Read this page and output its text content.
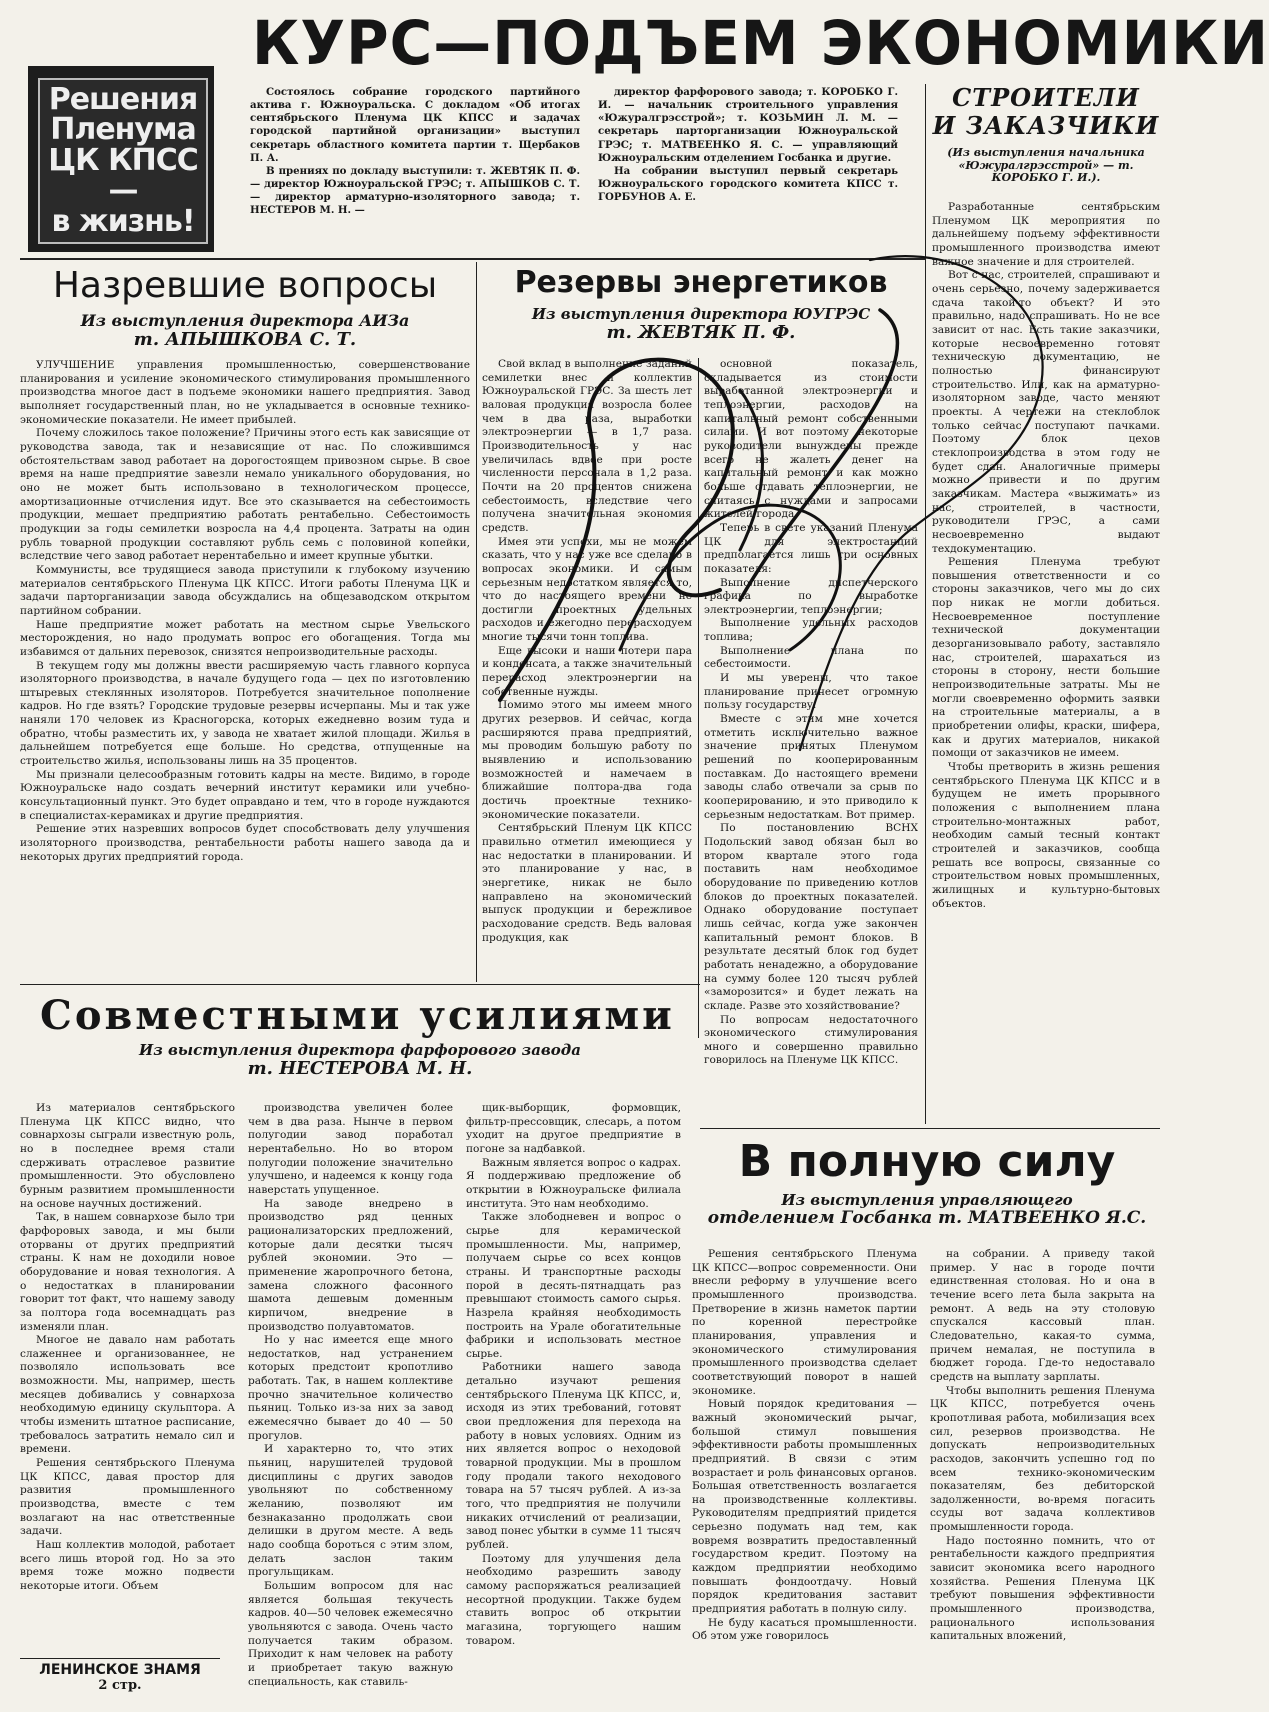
Решения
Пленума
ЦК КПСС—
в жизнь!
КУРС—ПОДЪЕМ ЭКОНОМИКИ

Состоялось собрание городского партийного актива г. Южноуральска. С докладом «Об итогах сентябрьского Пленума ЦК КПСС и задачах городской партийной организации» выступил секретарь областного комитета партии т. Щербаков П. А.

В прениях по докладу выступили: т. ЖЕВТЯК П. Ф. — директор Южноуральской ГРЭС; т. АПЫШКОВ С. Т. — директор арматурно-изоляторного завода; т. НЕСТЕРОВ М. Н. —

директор фарфорового завода; т. КОРОБКО Г. И. — начальник строительного управления «Южуралгрэсстрой»; т. КОЗЬМИН Л. М. — секретарь парторганизации Южноуральской ГРЭС; т. МАТВЕЕНКО Я. С. — управляющий Южноуральским отделением Госбанка и другие.

На собрании выступил первый секретарь Южноуральского городского комитета КПСС т. ГОРБУНОВ А. Е.

СТРОИТЕЛИ
И ЗАКАЗЧИКИ
(Из выступления начальника «Южуралгрэсстрой» — т. КОРОБКО Г. И.).

Разработанные сентябрьским Пленумом ЦК мероприятия по дальнейшему подъему эффективности промышленного производства имеют важное значение и для строителей.

Вот с нас, строителей, спрашивают и очень серьезно, почему задерживается сдача такой-то объект? И это правильно, надо спрашивать. Но не все зависит от нас. Есть такие заказчики, которые несвоевременно готовят техническую документацию, не полностью финансируют строительство. Или, как на арматурно-изоляторном заводе, часто меняют проекты. А чертежи на стеклоблок только сейчас поступают пачками. Поэтому блок цехов стеклопроизводства в этом году не будет сдан. Аналогичные примеры можно привести и по другим заказчикам. Мастера «выжимать» из нас, строителей, в частности, руководители ГРЭС, а сами несвоевременно выдают техдокументацию.

Решения Пленума требуют повышения ответственности и со стороны заказчиков, чего мы до сих пор никак не могли добиться. Несвоевременное поступление технической документации дезорганизовывало работу, заставляло нас, строителей, шарахаться из стороны в сторону, нести большие непроизводительные затраты. Мы не могли своевременно оформить заявки на строительные материалы, а в приобретении олифы, краски, шифера, как и других материалов, никакой помощи от заказчиков не имеем.

Чтобы претворить в жизнь решения сентябрьского Пленума ЦК КПСС и в будущем не иметь прорывного положения с выполнением плана строительно-монтажных работ, необходим самый тесный контакт строителей и заказчиков, сообща решать все вопросы, связанные со строительством новых промышленных, жилищных и культурно-бытовых объектов.

Назревшие вопросы
Из выступления директора АИЗа
т. АПЫШКОВА С. Т.

УЛУЧШЕНИЕ управления промышленностью, совершенствование планирования и усиление экономического стимулирования промышленного производства многое даст в подъеме экономики нашего предприятия. Завод выполняет государственный план, но не укладывается в основные технико-экономические показатели. Не имеет прибылей.

Почему сложилось такое положение? Причины этого есть как зависящие от руководства завода, так и независящие от нас. По сложившимся обстоятельствам завод работает на дорогостоящем привозном сырье. В свое время на наше предприятие завезли немало уникального оборудования, но оно не может быть использовано в технологическом процессе, амортизационные отчисления идут. Все это сказывается на себестоимость продукции, мешает предприятию работать рентабельно. Себестоимость продукции за годы семилетки возросла на 4,4 процента. Затраты на один рубль товарной продукции составляют рубль семь с половиной копейки, вследствие чего завод работает нерентабельно и имеет крупные убытки.

Коммунисты, все трудящиеся завода приступили к глубокому изучению материалов сентябрьского Пленума ЦК КПСС. Итоги работы Пленума ЦК и задачи парторганизации завода обсуждались на общезаводском открытом партийном собрании.

Наше предприятие может работать на местном сырье Увельского месторождения, но надо продумать вопрос его обогащения. Тогда мы избавимся от дальних перевозок, снизятся непроизводительные расходы.

В текущем году мы должны ввести расширяемую часть главного корпуса изоляторного производства, в начале будущего года — цех по изготовлению штыревых стеклянных изоляторов. Потребуется значительное пополнение кадров. Но где взять? Городские трудовые резервы исчерпаны. Мы и так уже наняли 170 человек из Красногорска, которых ежедневно возим туда и обратно, чтобы разместить их, у завода не хватает жилой площади. Жилья в дальнейшем потребуется еще больше. Но средства, отпущенные на строительство жилья, использованы лишь на 35 процентов.

Мы признали целесообразным готовить кадры на месте. Видимо, в городе Южноуральске надо создать вечерний институт керамики или учебно-консультационный пункт. Это будет оправдано и тем, что в городе нуждаются в специалистах-керамиках и другие предприятия.

Решение этих назревших вопросов будет способствовать делу улучшения изоляторного производства, рентабельности работы нашего завода да и некоторых других предприятий города.

Резервы энергетиков
Из выступления директора ЮУГРЭС
т. ЖЕВТЯК П. Ф.

Свой вклад в выполнение заданий семилетки внес и коллектив Южноуральской ГРЭС. За шесть лет валовая продукция возросла более чем в два раза, выработки электроэнергии — в 1,7 раза. Производительность у нас увеличилась вдвое при росте численности персонала в 1,2 раза. Почти на 20 процентов снижена себестоимость, вследствие чего получена значительная экономия средств.

Имея эти успехи, мы не можем сказать, что у нас уже все сделано в вопросах экономики. И самым серьезным недостатком является то, что до настоящего времени не достигли проектных удельных расходов и ежегодно перерасходуем многие тысячи тонн топлива.

Еще высоки и наши потери пара и конденсата, а также значительный перерасход электроэнергии на собственные нужды.

Помимо этого мы имеем много других резервов. И сейчас, когда расширяются права предприятий, мы проводим большую работу по выявлению и использованию возможностей и намечаем в ближайшие полтора-два года достичь проектные технико-экономические показатели.

Сентябрьский Пленум ЦК КПСС правильно отметил имеющиеся у нас недостатки в планировании. И это планирование у нас, в энергетике, никак не было направлено на экономический выпуск продукции и бережливое расходование средств. Ведь валовая продукция, как

основной показатель, складывается из стоимости выработанной электроэнергии и теплоэнергии, расходов на капитальный ремонт собственными силами. И вот поэтому некоторые руководители вынуждены прежде всего не жалеть денег на капитальный ремонт и как можно больше отдавать теплоэнергии, не считаясь с нуждами и запросами жителей города.

Теперь в свете указаний Пленума ЦК для электростанций предполагается лишь три основных показателя:

Выполнение диспетчерского графика по выработке электроэнергии, теплоэнергии;

Выполнение удельных расходов топлива;

Выполнение плана по себестоимости.

И мы уверены, что такое планирование принесет огромную пользу государству.

Вместе с этим мне хочется отметить исключительно важное значение принятых Пленумом решений по кооперированным поставкам. До настоящего времени заводы слабо отвечали за срыв по кооперированию, и это приводило к серьезным недостаткам. Вот пример.

По постановлению ВСНХ Подольский завод обязан был во втором квартале этого года поставить нам необходимое оборудование по приведению котлов блоков до проектных показателей. Однако оборудование поступает лишь сейчас, когда уже закончен капитальный ремонт блоков. В результате десятый блок год будет работать ненадежно, а оборудование на сумму более 120 тысяч рублей «заморозится» и будет лежать на складе. Разве это хозяйствование?

По вопросам недостаточного экономического стимулирования много и совершенно правильно говорилось на Пленуме ЦК КПСС.

Совместными усилиями
Из выступления директора фарфорового завода
т. НЕСТЕРОВА М. Н.

Из материалов сентябрьского Пленума ЦК КПСС видно, что совнархозы сыграли известную роль, но в последнее время стали сдерживать отраслевое развитие промышленности. Это обусловлено бурным развитием промышленности на основе научных достижений.

Так, в нашем совнархозе было три фарфоровых завода, и мы были оторваны от других предприятий страны. К нам не доходили новое оборудование и новая технология. А о недостатках в планировании говорит тот факт, что нашему заводу за полтора года восемнадцать раз изменяли план.

Многое не давало нам работать слаженнее и организованнее, не позволяло использовать все возможности. Мы, например, шесть месяцев добивались у совнархоза необходимую единицу скульптора. А чтобы изменить штатное расписание, требовалось затратить немало сил и времени.

Решения сентябрьского Пленума ЦК КПСС, давая простор для развития промышленного производства, вместе с тем возлагают на нас ответственные задачи.

Наш коллектив молодой, работает всего лишь второй год. Но за это время тоже можно подвести некоторые итоги. Объем

производства увеличен более чем в два раза. Нынче в первом полугодии завод поработал нерентабельно. Но во втором полугодии положение значительно улучшено, и надеемся к концу года наверстать упущенное.

На заводе внедрено в производство ряд ценных рационализаторских предложений, которые дали десятки тысяч рублей экономии. Это — применение жаропрочного бетона, замена сложного фасонного шамота дешевым доменным кирпичом, внедрение в производство полуавтоматов.

Но у нас имеется еще много недостатков, над устранением которых предстоит кропотливо работать. Так, в нашем коллективе прочно значительное количество пьяниц. Только из-за них за завод ежемесячно бывает до 40 — 50 прогулов.

И характерно то, что этих пьяниц, нарушителей трудовой дисциплины с других заводов увольняют по собственному желанию, позволяют им безнаказанно продолжать свои делишки в другом месте. А ведь надо сообща бороться с этим злом, делать заслон таким прогульщикам.

Большим вопросом для нас является большая текучесть кадров. 40—50 человек ежемесячно увольняются с завода. Очень часто получается таким образом. Приходит к нам человек на работу и приобретает такую важную специальность, как ставиль-

щик-выборщик, формовщик, фильтр-прессовщик, слесарь, а потом уходит на другое предприятие в погоне за надбавкой.

Важным является вопрос о кадрах. Я поддерживаю предложение об открытии в Южноуральске филиала института. Это нам необходимо.

Также злободневен и вопрос о сырье для керамической промышленности. Мы, например, получаем сырье со всех концов страны. И транспортные расходы порой в десять-пятнадцать раз превышают стоимость самого сырья. Назрела крайняя необходимость построить на Урале обогатительные фабрики и использовать местное сырье.

Работники нашего завода детально изучают решения сентябрьского Пленума ЦК КПСС, и, исходя из этих требований, готовят свои предложения для перехода на работу в новых условиях. Одним из них является вопрос о неходовой товарной продукции. Мы в прошлом году продали такого неходового товара на 57 тысяч рублей. А из-за того, что предприятия не получили никаких отчислений от реализации, завод понес убытки в сумме 11 тысяч рублей.

Поэтому для улучшения дела необходимо разрешить заводу самому распоряжаться реализацией несортной продукции. Также будем ставить вопрос об открытии магазина, торгующего нашим товаром.

В полную силу
Из выступления управляющего
отделением Госбанка т. МАТВЕЕНКО Я.С.

Решения сентябрьского Пленума ЦК КПСС—вопрос современности. Они внесли реформу в улучшение всего промышленного производства. Претворение в жизнь наметок партии по коренной перестройке планирования, управления и экономического стимулирования промышленного производства сделает соответствующий поворот в нашей экономике.

Новый порядок кредитования — важный экономический рычаг, большой стимул повышения эффективности работы промышленных предприятий. В связи с этим возрастает и роль финансовых органов. Большая ответственность возлагается на производственные коллективы. Руководителям предприятий придется серьезно подумать над тем, как вовремя возвратить предоставленный государством кредит. Поэтому на каждом предприятии необходимо повышать фондоотдачу. Новый порядок кредитования заставит предприятия работать в полную силу.

Не буду касаться промышленности. Об этом уже говорилось

на собрании. А приведу такой пример. У нас в городе почти единственная столовая. Но и она в течение всего лета была закрыта на ремонт. А ведь на эту столовую спускался кассовый план. Следовательно, какая-то сумма, причем немалая, не поступила в бюджет города. Где-то недоставало средств на выплату зарплаты.

Чтобы выполнить решения Пленума ЦК КПСС, потребуется очень кропотливая работа, мобилизация всех сил, резервов производства. Не допускать непроизводительных расходов, закончить успешно год по всем технико-экономическим показателям, без дебиторской задолженности, во-время погасить ссуды вот задача коллективов промышленности города.

Надо постоянно помнить, что от рентабельности каждого предприятия зависит экономика всего народного хозяйства. Решения Пленума ЦК требуют повышения эффективности промышленного производства, рационального использования капитальных вложений,

ЛЕНИНСКОЕ ЗНАМЯ
2 стр.
